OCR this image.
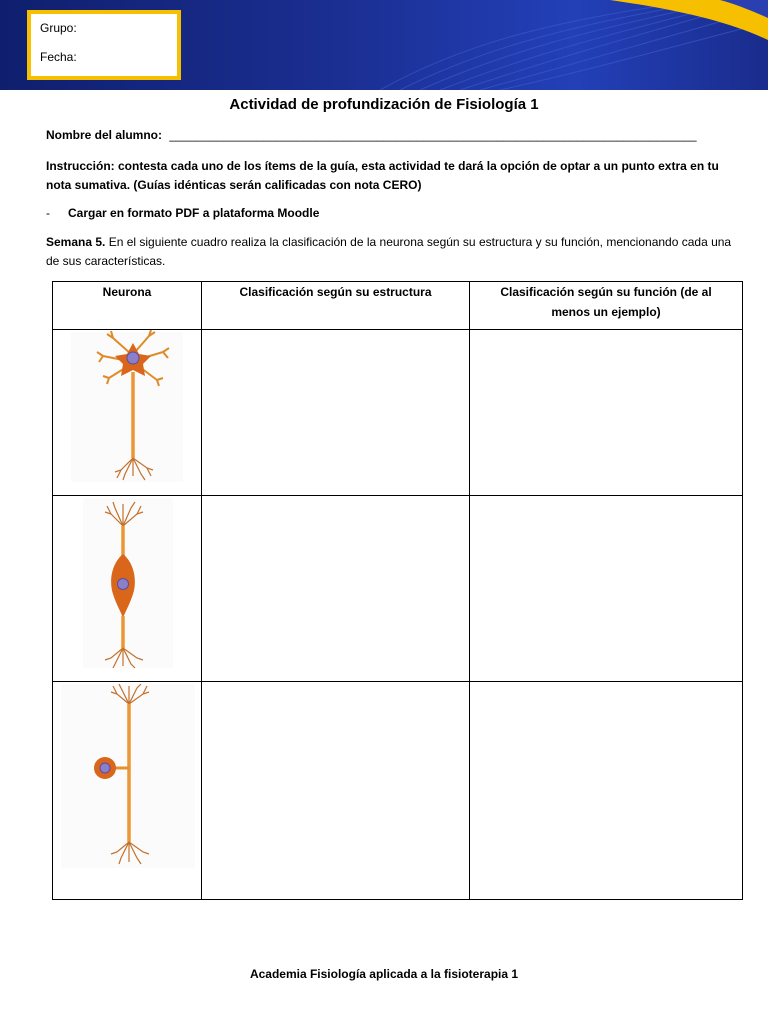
Grupo:
Fecha:
Actividad de profundización de Fisiología 1
Nombre del alumno: _______________________________________________________________________________
Instrucción: contesta cada uno de los ítems de la guía, esta actividad te dará la opción de optar a un punto extra en tu nota sumativa. (Guías idénticas serán calificadas con nota CERO)
- Cargar en formato PDF a plataforma Moodle
Semana 5. En el siguiente cuadro realiza la clasificación de la neurona según su estructura y su función, mencionando cada una de sus características.
Neurona	Clasificación según su estructura	Clasificación según su función (de al menos un ejemplo)

Academia Fisiología aplicada a la fisioterapia 1
